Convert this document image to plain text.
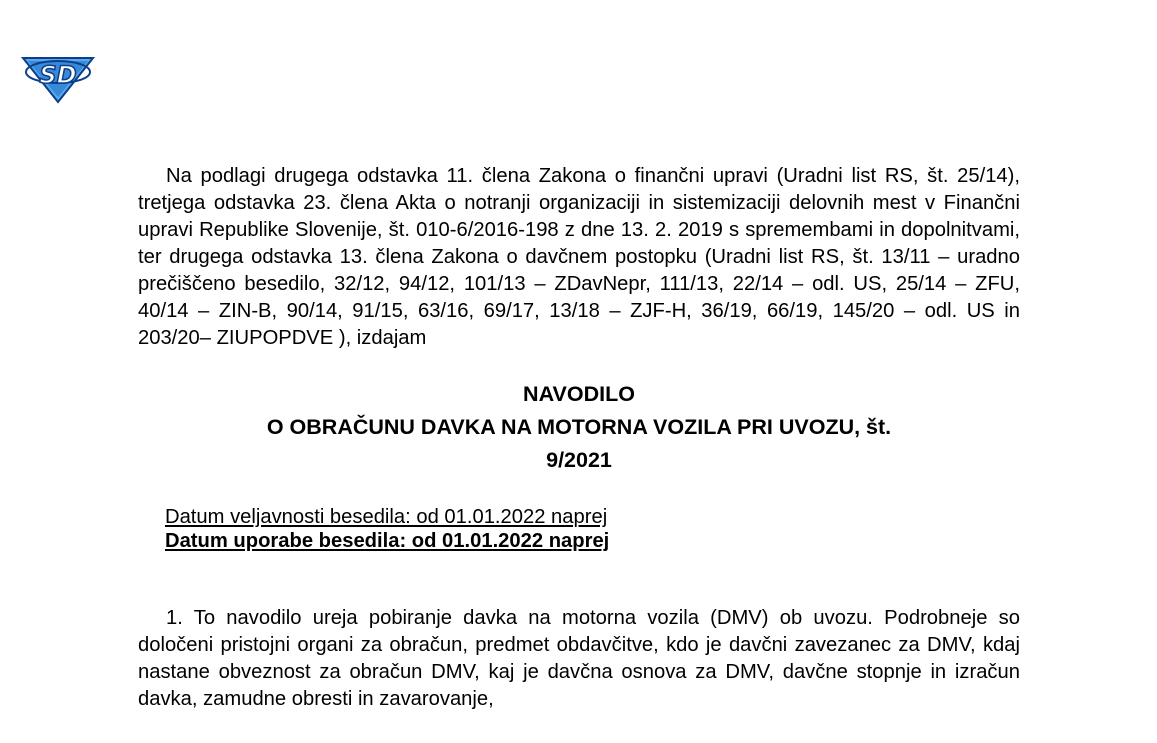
SD

Na podlagi drugega odstavka 11. člena Zakona o finančni upravi (Uradni list RS, št. 25/14), tretjega odstavka 23. člena Akta o notranji organizaciji in sistemizaciji delovnih mest v Finančni upravi Republike Slovenije, št. 010-6/2016-198 z dne 13. 2. 2019 s spremembami in dopolnitvami, ter drugega odstavka 13. člena Zakona o davčnem postopku (Uradni list RS, št. 13/11 – uradno prečiščeno besedilo, 32/12, 94/12, 101/13 – ZDavNepr, 111/13, 22/14 – odl. US, 25/14 – ZFU, 40/14 – ZIN-B, 90/14, 91/15, 63/16, 69/17, 13/18 – ZJF-H, 36/19, 66/19, 145/20 – odl. US in 203/20– ZIUPOPDVE ), izdajam

NAVODILO
O OBRAČUNU DAVKA NA MOTORNA VOZILA PRI UVOZU, št.
9/2021
Datum veljavnosti besedila: od 01.01.2022 naprej
Datum uporabe besedila: od 01.01.2022 naprej

1. To navodilo ureja pobiranje davka na motorna vozila (DMV) ob uvozu. Podrobneje so določeni pristojni organi za obračun, predmet obdavčitve, kdo je davčni zavezanec za DMV, kdaj nastane obveznost za obračun DMV, kaj je davčna osnova za DMV, davčne stopnje in izračun davka, zamudne obresti in zavarovanje,
